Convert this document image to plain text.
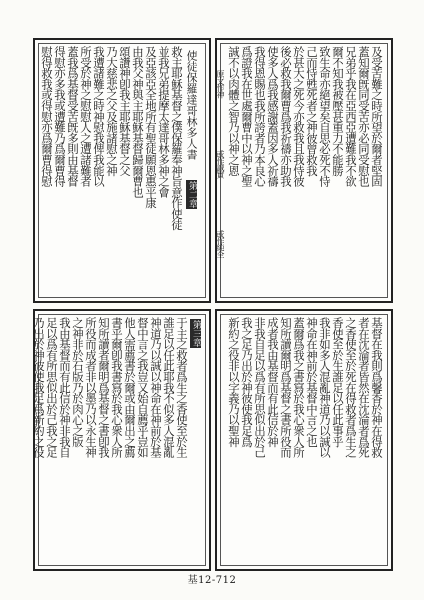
使徒保羅達哥林多人書
第二章
救主耶穌基督之僕保羅奉神旨意作使徒
並我兄弟提摩太達哥林多神之會
及亞該亞全地所有聖徒願恩惠平康
由我父神與主耶穌基督歸爾曹也
頌讚神卽我主耶穌基督之父
乃大慈悲之父及施諸慰之神
我遭諸難之時神慰我俾我能以
所受於神之慰慰人之遭諸難者
蓋我爲基督受苦旣多則由基督
得慰亦多我或遭難乃爲爾曹得
慰得救我或得慰亦爲爾曹得慰	及受苦難之時所望於爾者堅固
蓋知爾旣同受苦亦必同受慰也
兄弟乎我在亞西亞遭難我不欲
爾不知我被壓甚重力不能勝
致生命亦絕望矣自思必死不恃
己而恃甦死者之神彼曾救我
於甚大之死今亦救我且我恃彼
後必救我爾曹爲我祈禱亦助我
使多人爲我感謝蓋因多人祈禱
我得恩賜也我所誇者乃本良心
爲證我在世處爾曹中以神之聖
誠不以肉體之智乃以神之恩
原文作神
或作誠實
或作純全
第三章
于主之救者爲生之香使至於生
誰足以任此耶我不似多人混亂
神道乃以誠以神命在神前於基
督中言之我豈又始自薦乎豈如
他人需薦書於爾或由爾出之薦
書乎爾卽我書寫於我心衆人所
知所讀者爾明爲基督之書卽我
所役而成者非以墨乃以永生神
之神非於石版乃於肉心之版
我由基督而有此信於神非我自
足以爲有所思似出於己我之足
乃出於神彼使我足爲新約之役	基督在我則爲馨香於神在得救
者在沈淪者皆然在沈淪者爲死
之香使至於死在得救者爲生之
香使至於生誰足以任此事乎
我非如多人混亂神道乃以誠以
神命在神前於基督中言之也
蓋爾爲我之書寫於我心衆人所
知所讀爾明爲基督之書所役而
成者我由基督而有此信於神
非我自足以爲有所思似出於己
我之足乃出於神彼使我足爲
新約之役非以字義乃以聖神
基12-712
